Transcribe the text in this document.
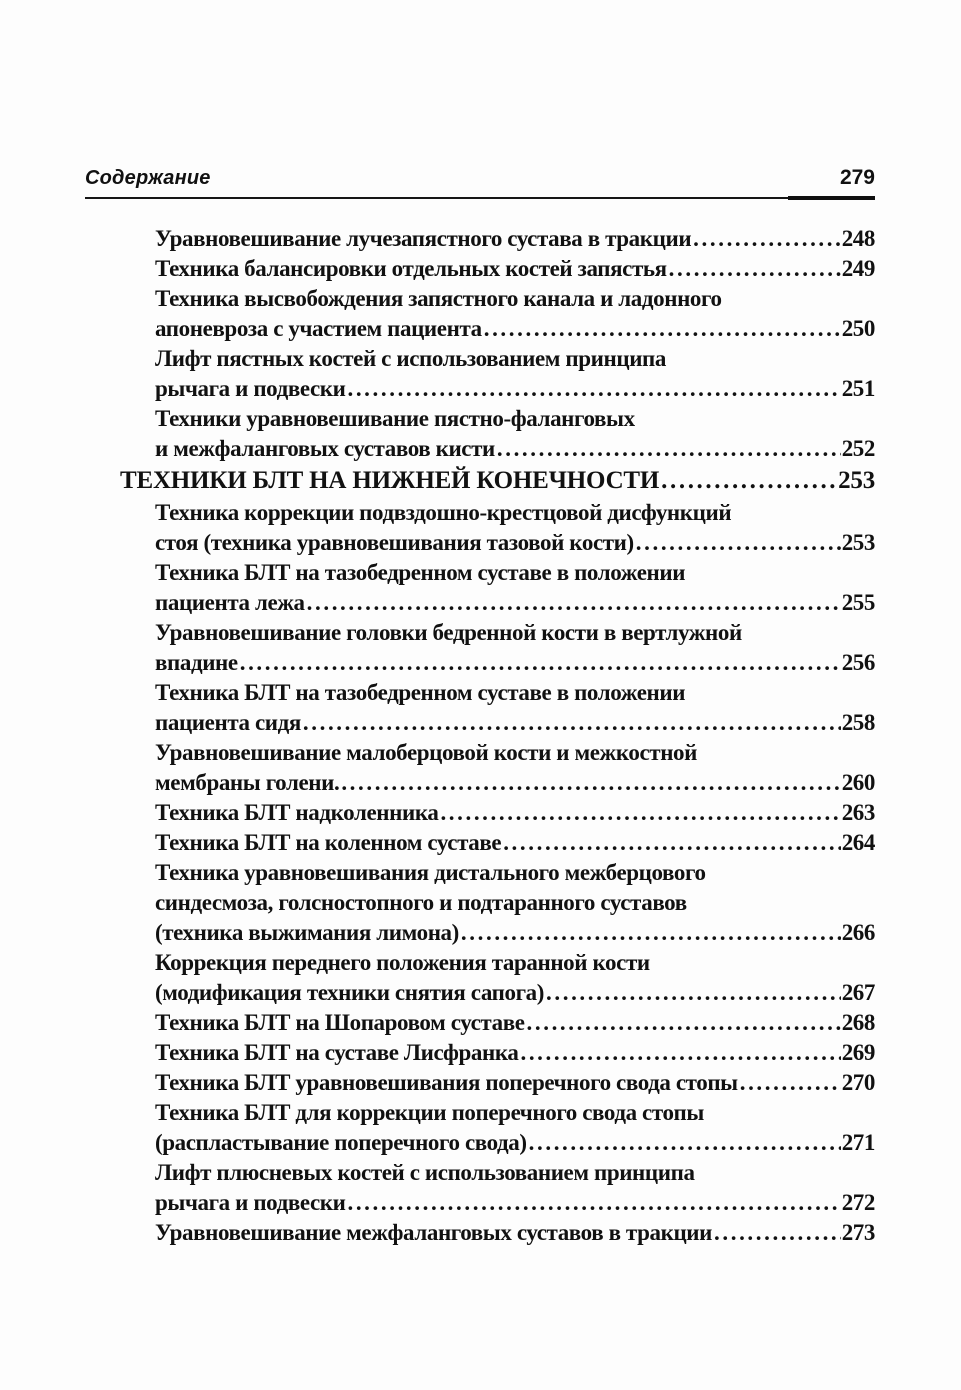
Содержание	279
Уравновешивание лучезапястного сустава в тракции .....	248
Техника балансировки отдельных костей запястья .....	249
Техника высвобождения запястного канала и ладонного
апоневроза с участием пациента .....	250
Лифт пястных костей с использованием принципа
рычага и подвески .....	251
Техники уравновешивание пястно-фаланговых
и межфаланговых суставов кисти .....	252
ТЕХНИКИ БЛТ НА НИЖНЕЙ КОНЕЧНОСТИ .....	253
Техника коррекции подвздошно-крестцовой дисфункций
стоя (техника уравновешивания тазовой кости) .....	253
Техника БЛТ на тазобедренном суставе в положении
пациента лежа .....	255
Уравновешивание головки бедренной кости в вертлужной
впадине .....	256
Техника БЛТ на тазобедренном суставе в положении
пациента сидя .....	258
Уравновешивание малоберцовой кости и межкостной
мембраны голени. .....	260
Техника БЛТ надколенника .....	263
Техника БЛТ на коленном суставе .....	264
Техника уравновешивания дистального межберцового
синдесмоза, голсностопного и подтаранного суставов
(техника выжимания лимона) .....	266
Коррекция переднего положения таранной кости
(модификация техники снятия сапога) .....	267
Техника БЛТ на Шопаровом суставе .....	268
Техника БЛТ на суставе Лисфранка .....	269
Техника БЛТ уравновешивания поперечного свода стопы .....	270
Техника БЛТ для коррекции поперечного свода стопы
(распластывание поперечного свода) .....	271
Лифт плюсневых костей с использованием принципа
рычага и подвески .....	272
Уравновешивание межфаланговых суставов в тракции .....	273
